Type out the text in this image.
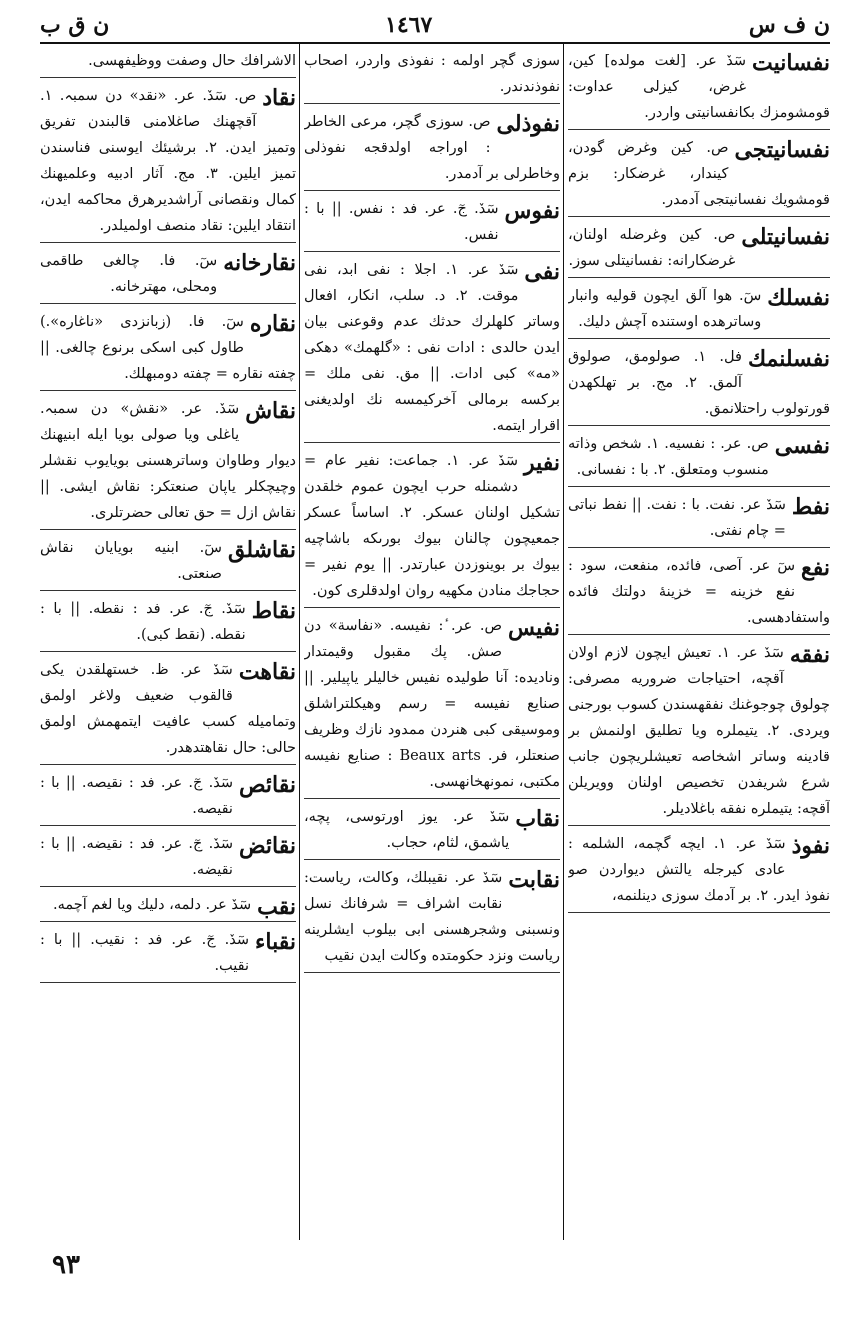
ن ق ب	١٤٦٧	ن ف س
نفسانيت
سٓدٚ عر. [لغت مولده] كين، غرض، كيزلى عداوت: قومشومزك بكانفسانيتى واردر.
نفسانيتجى
ص. كين وغرض گودن، كيندار، غرضكار: بزم قومشويك نفسانيتجى آدمدر.
نفسانيتلى
ص. كين وغرضله اولنان، غرضكارانه: نفسانيتلى سوز.
نفسلك
سٓ. هوا آلق ايچون قوليه وانبار وساترهده اوستنده آچش دليك.
نفسلنمك
فل. ١. صولومق، صولوق آلمق. ٢. مج. بر تهلكهدن قورتولوب راحتلانمق.
نفسى
ص. عر. : نفسيه. ١. شخص وذاته منسوب ومتعلق. ٢. با : نفسانى.
نفط
سٓدٚ عر. نفت. با : نفت. || نفط نباتى = چام نفتى.
نفع
سٓ عر. آصى، فائده، منفعت، سود : نفع خزينه = خزينهٔ دولتك فائده واستفادهسى.
نفقه
سٓدٚ عر. ١. تعيش ايچون لازم اولان آقچه، احتياجات ضروريه مصرفى: چولوق چوجوغنك نفقهسندن كسوب بورجنى ويردى. ٢. يتيملره ويا تطليق اولنمش بر قادينه وساتر اشخاصه تعيشلريچون جانب شرع شريفدن تخصيص اولنان وويريلن آقچه: يتيملره نفقه باغلاديلر.
نفوذ
سٓدٚ عر. ١. ايچه گچمه، الشلمه : عادى كيرجله يالتش ديواردن صو نفوذ ايدر. ٢. بر آدمك سوزى دينلنمه،
سوزى گچر اولمه : نفوذى واردر، اصحاب نفوذندندر.
نفوذلى
ص. سوزى گچر، مرعى الخاطر : اوراجه اولدقجه نفوذلى وخاطرلى بر آدمدر.
نفوس
سٓدٚ. جٓ. عر. فد : نفس. || با : نفس.
نفى
سٓدٚ عر. ١. اجلا : نفى ابد، نفى موقت. ٢. د. سلب، انكار، افعال وساتر كلهلرك حدثك عدم وقوعنى بيان ايدن حالدى : ادات نفى : «گلهمك» دهكى «مه» كبى ادات. || مق. نفى ملك = بركسه برمالى آخركيمسه نك اولديغنى اقرار ايتمه.
نفير
سٓدٚ عر. ١. جماعت: نفير عام = دشمنله حرب ايچون عموم خلقدن تشكيل اولنان عسكر. ٢. اساساً عسكر جمعيچون چالنان بيوك بورىكه باشاچيه بيوك بر بوينوزدن عبارتدر. || يوم نفير = حجاجك منادن مكهيه روان اولدقلرى كون.
نفيس
ص. عر. ٔ: نفيسه. «نفاسة» دن صش. پك مقبول وقيمتدار ونادیده: آنا طوليده نفيس خاليلر ياپيلير. || صنايع نفيسه = رسم وهيكلتراشلق وموسيقى كبى هنردن ممدود نازك وظريف صنعتلر، فر. Beaux arts : صنايع نفيسه مكتبى، نمونهخانهسى.
نقاب
سٓدٚ عر. يوز اورتوسى، پچه، ياشمق، لثام، حجاب.
نقابت
سٓدٚ عر. نقيبلك، وكالت، رياست: نقابت اشراف = شرفانك نسل ونسبنى وشجرهسنى ابى بيلوب ايشلرينه رياست ونزد حكومتده وكالت ايدن نقيب
الاشرافك حال وصفت ووظيفهسى.
نقاد
ص. سٓدٚ. عر. «نقد» دن سمبہ. ١. آقچهنك صاغلامنى قالبندن تفريق وتميز ايدن. ٢. برشيئك ايوسنى فناسندن تميز ايلين. ٣. مج. آثار ادبيه وعلميهنك كمال ونقصانى آراشديرهرق محاكمه ايدن، انتقاد ايلين: نقاد منصف اولميلدر.
نقارخانه
سٓ. فا. چالغى طاقمى ومحلى، مهترخانه.
نقاره
سٓ. فا. (زبانزدى «ناغاره».) طاول كبى اسكى برنوع چالغى. || چفته نقاره = چفته دومبهلك.
نقاش
سٓدٚ. عر. «نقش» دن سمبہ. ياغلى ويا صولى بويا ايله ابنيهنك ديوار وطاوان وساترهسنى بويايوب نقشلر وچيچكلر ياپان صنعتكر: نقاش ايشى. || نقاش ازل = حق تعالى حضرتلرى.
نقاشلق
سٓ. ابنيه بويايان نقاش صنعتى.
نقاط
سٓدٚ. جٓ. عر. فد : نقطه. || با : نقطه. (نقط كبى).
نقاهت
سٓدٚ عر. ظ. خستهلقدن يكى قالقوب ضعيف ولاغر اولمق وتماميله كسب عافيت ايتمهمش اولمق حالى: حال نقاهتدهدر.
نقائص
سٓدٚ. جٓ. عر. فد : نقيصه. || با : نقيصه.
نقائض
سٓدٚ. جٓ. عر. فد : نقيضه. || با : نقيضه.
نقب
سٓدٚ عر. دلمه، دليك ويا لغم آچمه.
نقباء
سٓدٚ. جٓ. عر. فد : نقيب. || با : نقيب.
٩٣
